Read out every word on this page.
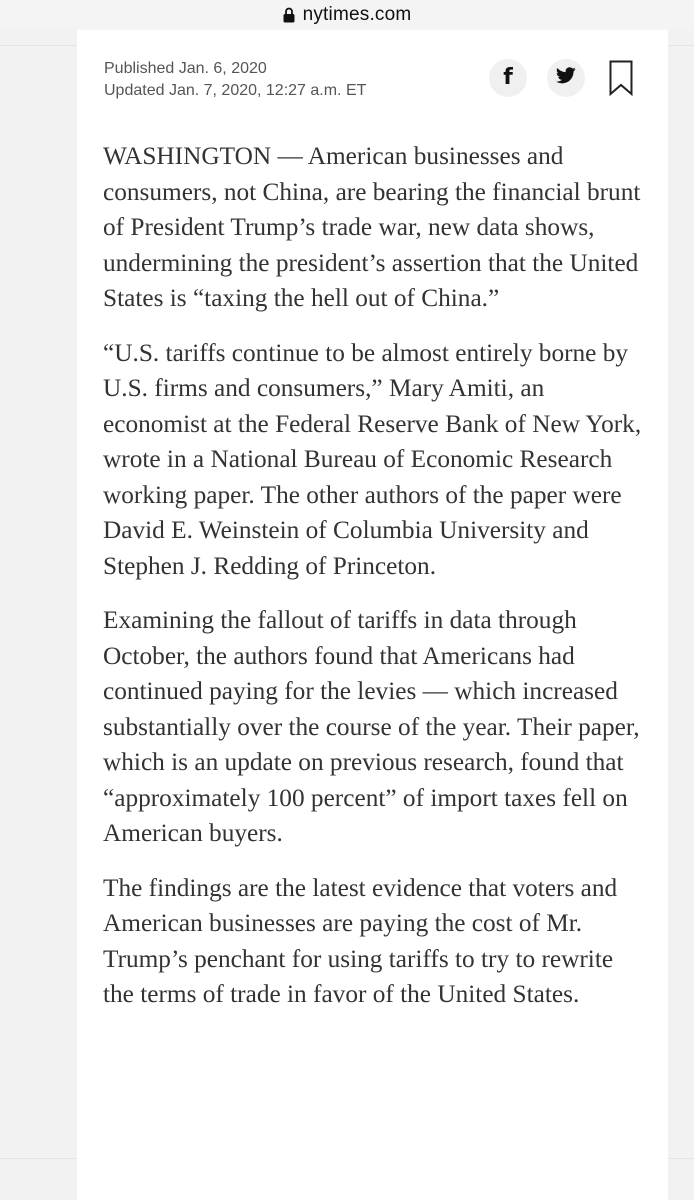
nytimes.com
Published Jan. 6, 2020
Updated Jan. 7, 2020, 12:27 a.m. ET
f

WASHINGTON — American businesses and consumers, not China, are bearing the financial brunt of President Trump’s trade war, new data shows, undermining the president’s assertion that the United States is “taxing the hell out of China.”

“U.S. tariffs continue to be almost entirely borne by U.S. firms and consumers,” Mary Amiti, an economist at the Federal Reserve Bank of New York, wrote in a National Bureau of Economic Research working paper. The other authors of the paper were David E. Weinstein of Columbia University and Stephen J. Redding of Princeton.

Examining the fallout of tariffs in data through October, the authors found that Americans had continued paying for the levies — which increased substantially over the course of the year. Their paper, which is an update on previous research, found that “approximately 100 percent” of import taxes fell on American buyers.

The findings are the latest evidence that voters and American businesses are paying the cost of Mr. Trump’s penchant for using tariffs to try to rewrite the terms of trade in favor of the United States.
